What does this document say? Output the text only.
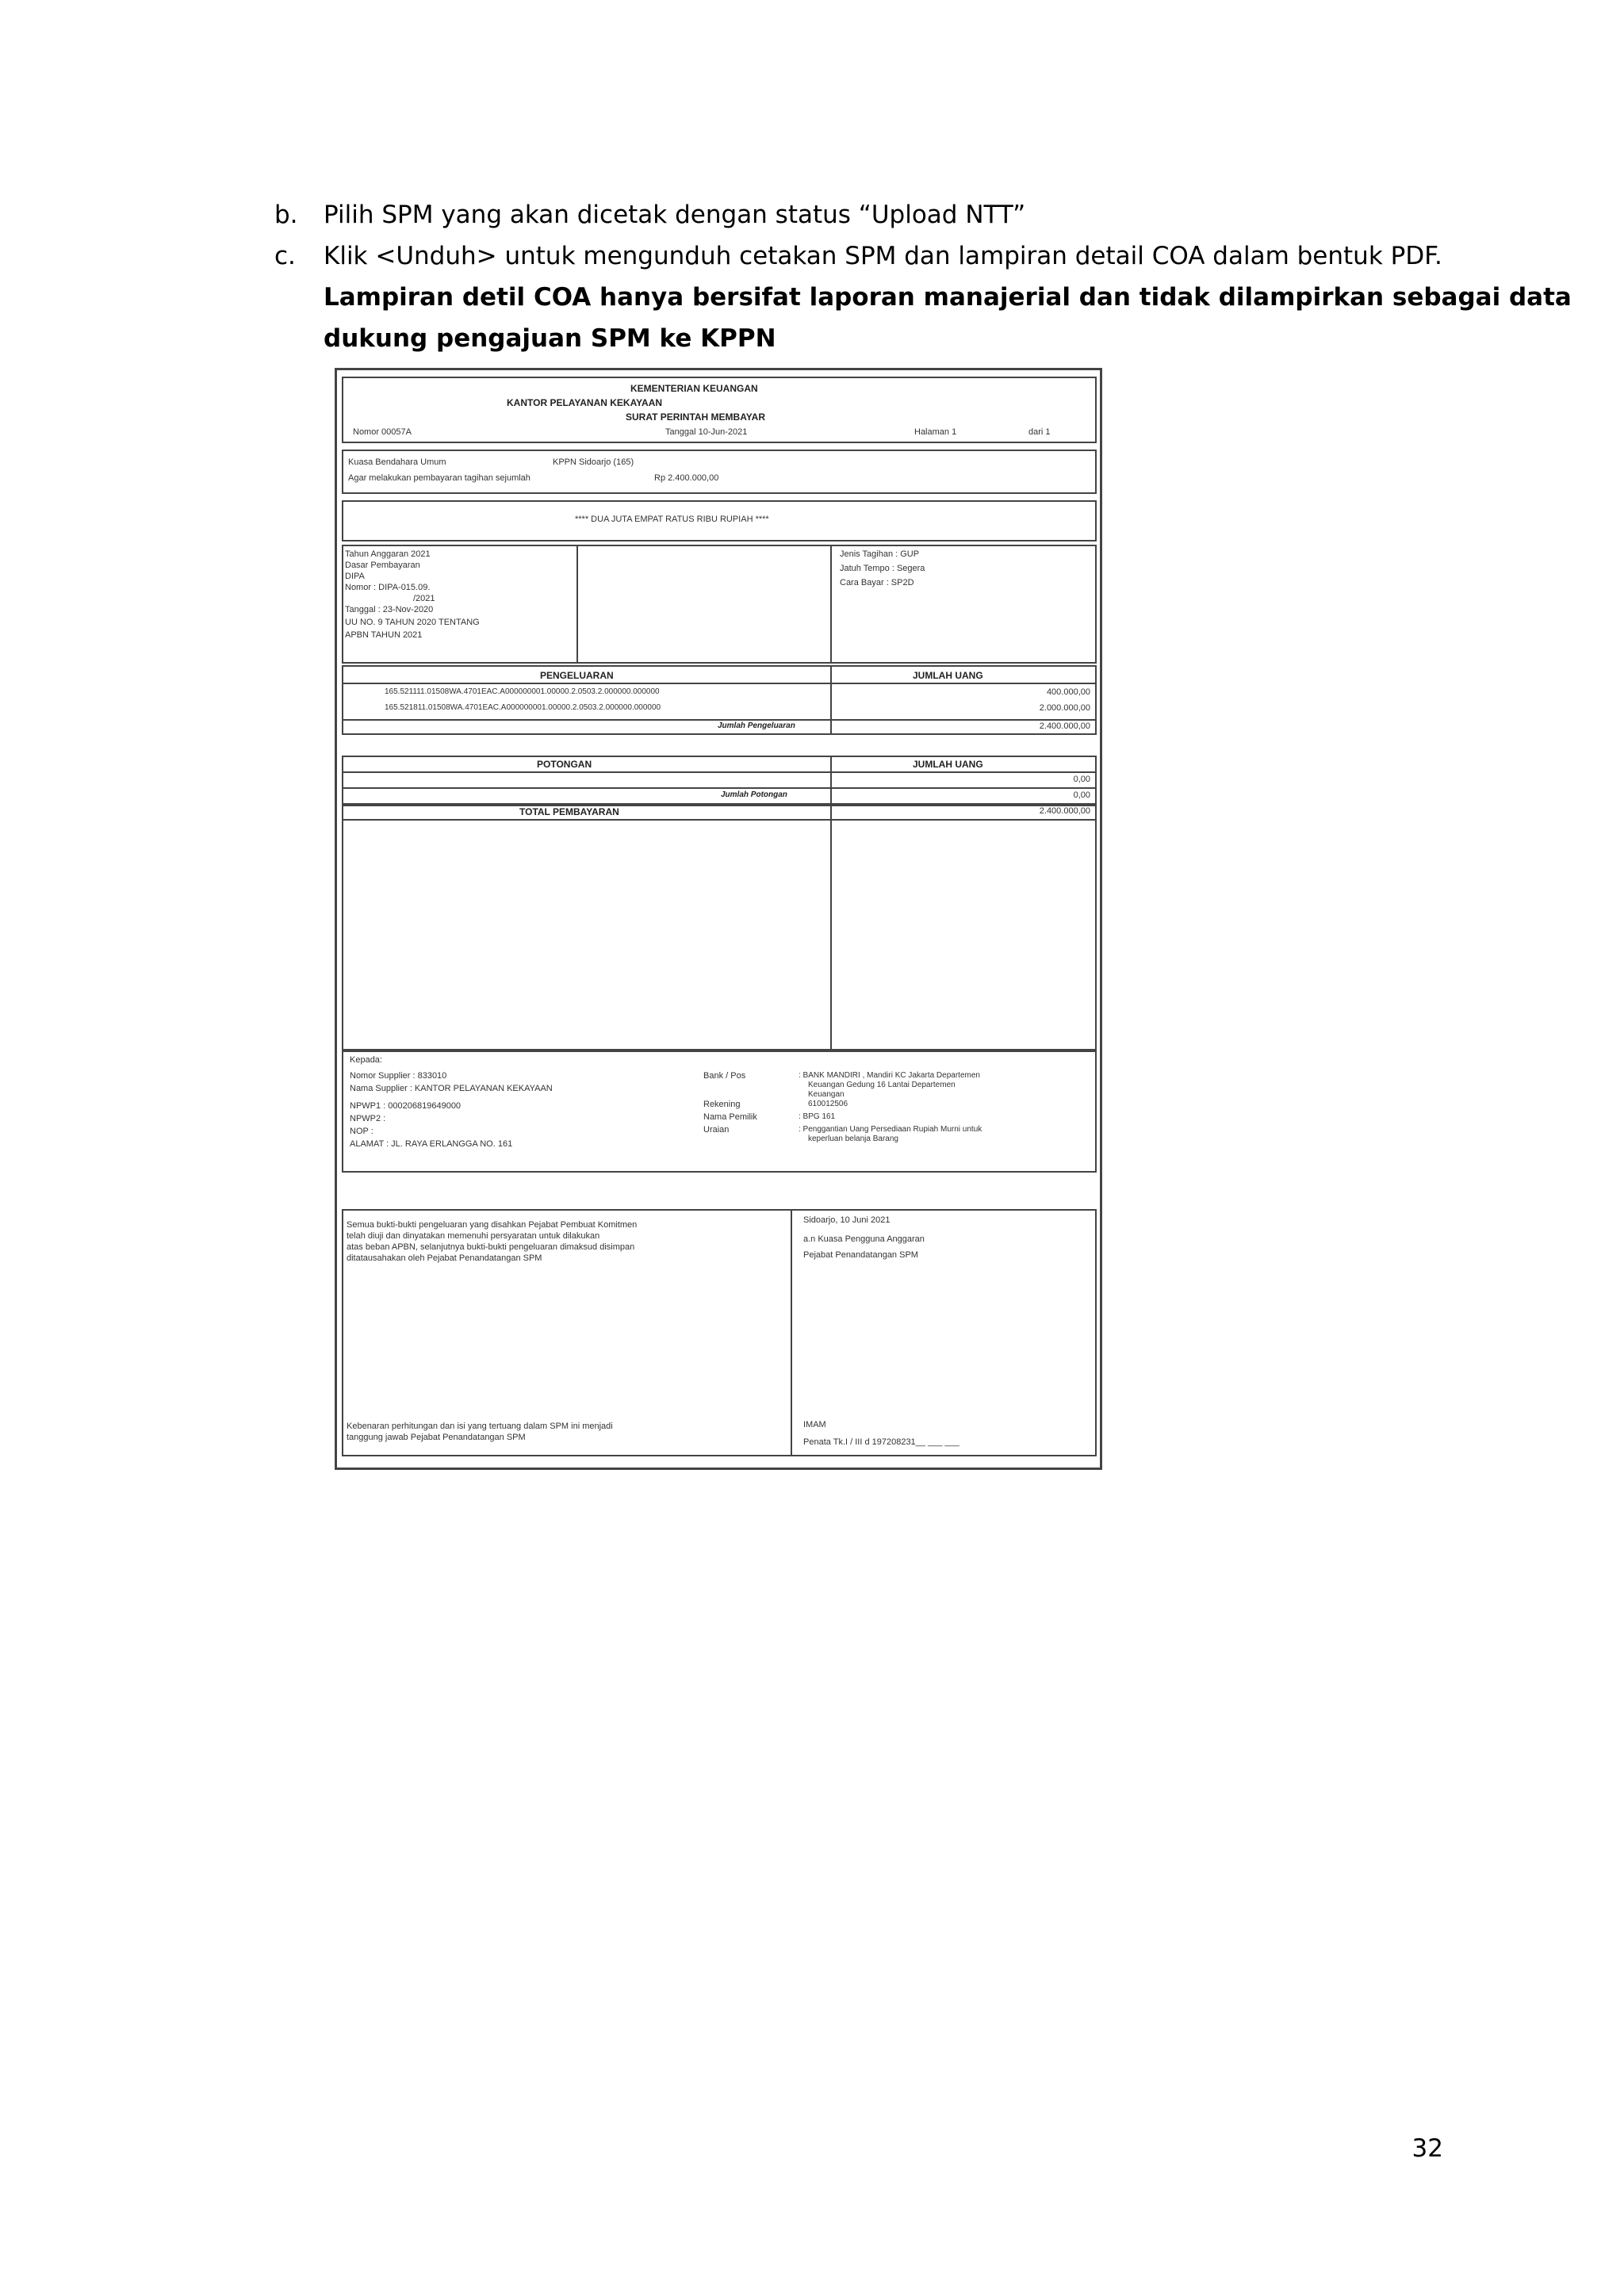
b. Pilih SPM yang akan dicetak dengan status “Upload NTT”
c. Klik <Unduh> untuk mengunduh cetakan SPM dan lampiran detail COA dalam bentuk PDF.
Lampiran detil COA hanya bersifat laporan manajerial dan tidak dilampirkan sebagai data
dukung pengajuan SPM ke KPPN
KEMENTERIAN KEUANGAN
KANTOR PELAYANAN KEKAYAAN
SURAT PERINTAH MEMBAYAR
Nomor 00057A	Tanggal 10-Jun-2021	Halaman 1	dari 1
Kuasa Bendahara Umum	KPPN Sidoarjo (165)
Agar melakukan pembayaran tagihan sejumlah	Rp 2.400.000,00
**** DUA JUTA EMPAT RATUS RIBU RUPIAH ****
Tahun Anggaran 2021
Dasar Pembayaran
DIPA
Nomor : DIPA-015.09.
/2021
Tanggal : 23-Nov-2020
UU NO. 9 TAHUN 2020 TENTANG
APBN TAHUN 2021
Jenis Tagihan : GUP
Jatuh Tempo : Segera
Cara Bayar : SP2D
PENGELUARAN	JUMLAH UANG
165.521111.01508WA.4701EAC.A000000001.00000.2.0503.2.000000.000000	400.000,00
165.521811.01508WA.4701EAC.A000000001.00000.2.0503.2.000000.000000	2.000.000,00
Jumlah Pengeluaran	2.400.000,00
POTONGAN	JUMLAH UANG
0,00
Jumlah Potongan	0,00
TOTAL PEMBAYARAN	2.400.000,00
Kepada:
Nomor Supplier : 833010
Nama Supplier : KANTOR PELAYANAN KEKAYAAN
NPWP1 : 000206819649000
NPWP2 :
NOP :
ALAMAT : JL. RAYA ERLANGGA NO. 161
Bank / Pos	: BANK MANDIRI , Mandiri KC Jakarta Departemen
Keuangan Gedung 16 Lantai Departemen
Keuangan
Rekening	610012506
Nama Pemilik	: BPG 161
Uraian	: Penggantian Uang Persediaan Rupiah Murni untuk
keperluan belanja Barang
Semua bukti-bukti pengeluaran yang disahkan Pejabat Pembuat Komitmen
telah diuji dan dinyatakan memenuhi persyaratan untuk dilakukan
atas beban APBN, selanjutnya bukti-bukti pengeluaran dimaksud disimpan
ditatausahakan oleh Pejabat Penandatangan SPM
Sidoarjo, 10 Juni 2021
a.n Kuasa Pengguna Anggaran
Pejabat Penandatangan SPM
Kebenaran perhitungan dan isi yang tertuang dalam SPM ini menjadi
tanggung jawab Pejabat Penandatangan SPM
IMAM
Penata Tk.I / III d 197208231__ ___ ___
32
